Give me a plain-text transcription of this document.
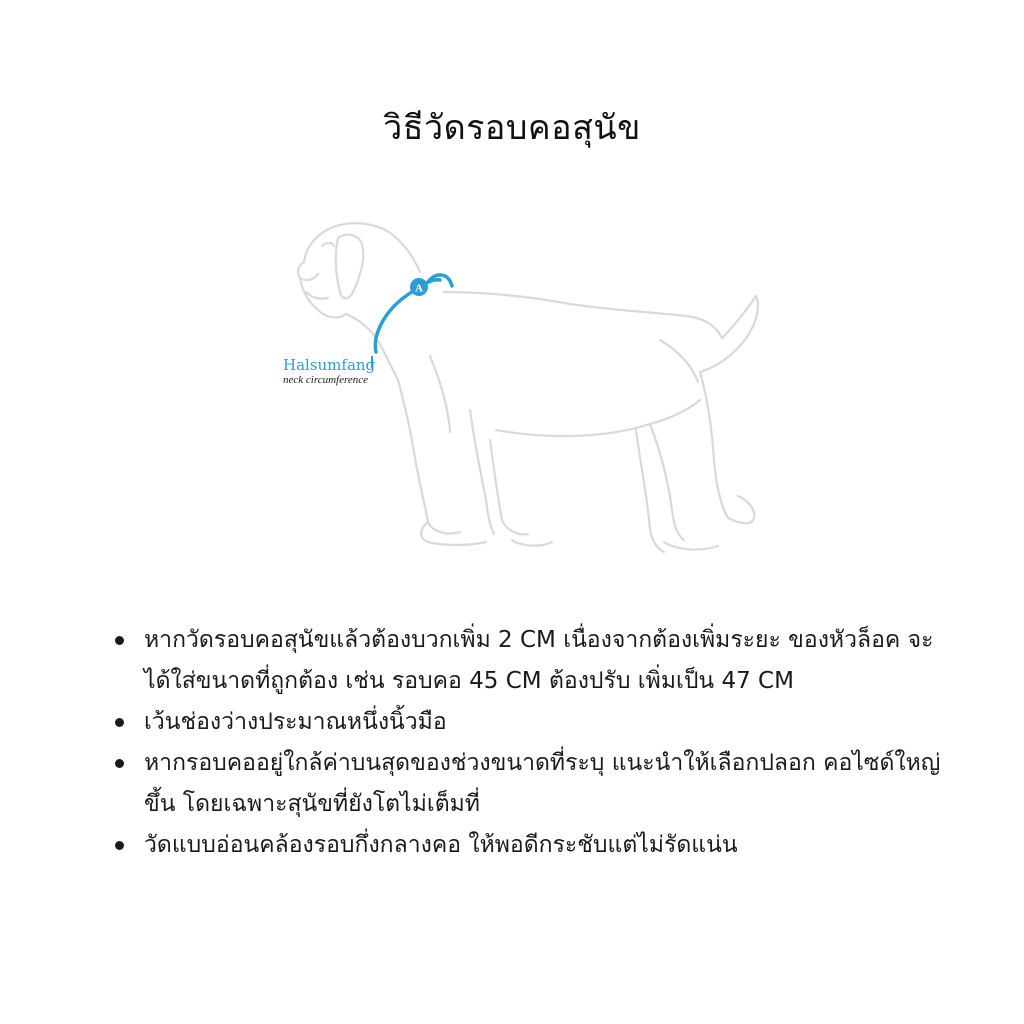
วิธีวัดรอบคอสุนัข
A
Halsumfang
neck circumference
หากวัดรอบคอสุนัขแล้วต้องบวกเพิ่ม 2 CM เนื่องจากต้องเพิ่มระยะ ของหัวล็อค จะได้ใส่ขนาดที่ถูกต้อง เช่น รอบคอ 45 CM ต้องปรับ เพิ่มเป็น 47 CM
เว้นช่องว่างประมาณหนึ่งนิ้วมือ
หากรอบคออยู่ใกล้ค่าบนสุดของช่วงขนาดที่ระบุ แนะนำให้เลือกปลอก คอไซด์ใหญ่ขึ้น โดยเฉพาะสุนัขที่ยังโตไม่เต็มที่
วัดแบบอ่อนคล้องรอบกึ่งกลางคอ ให้พอดีกระชับแต่ไม่รัดแน่น
